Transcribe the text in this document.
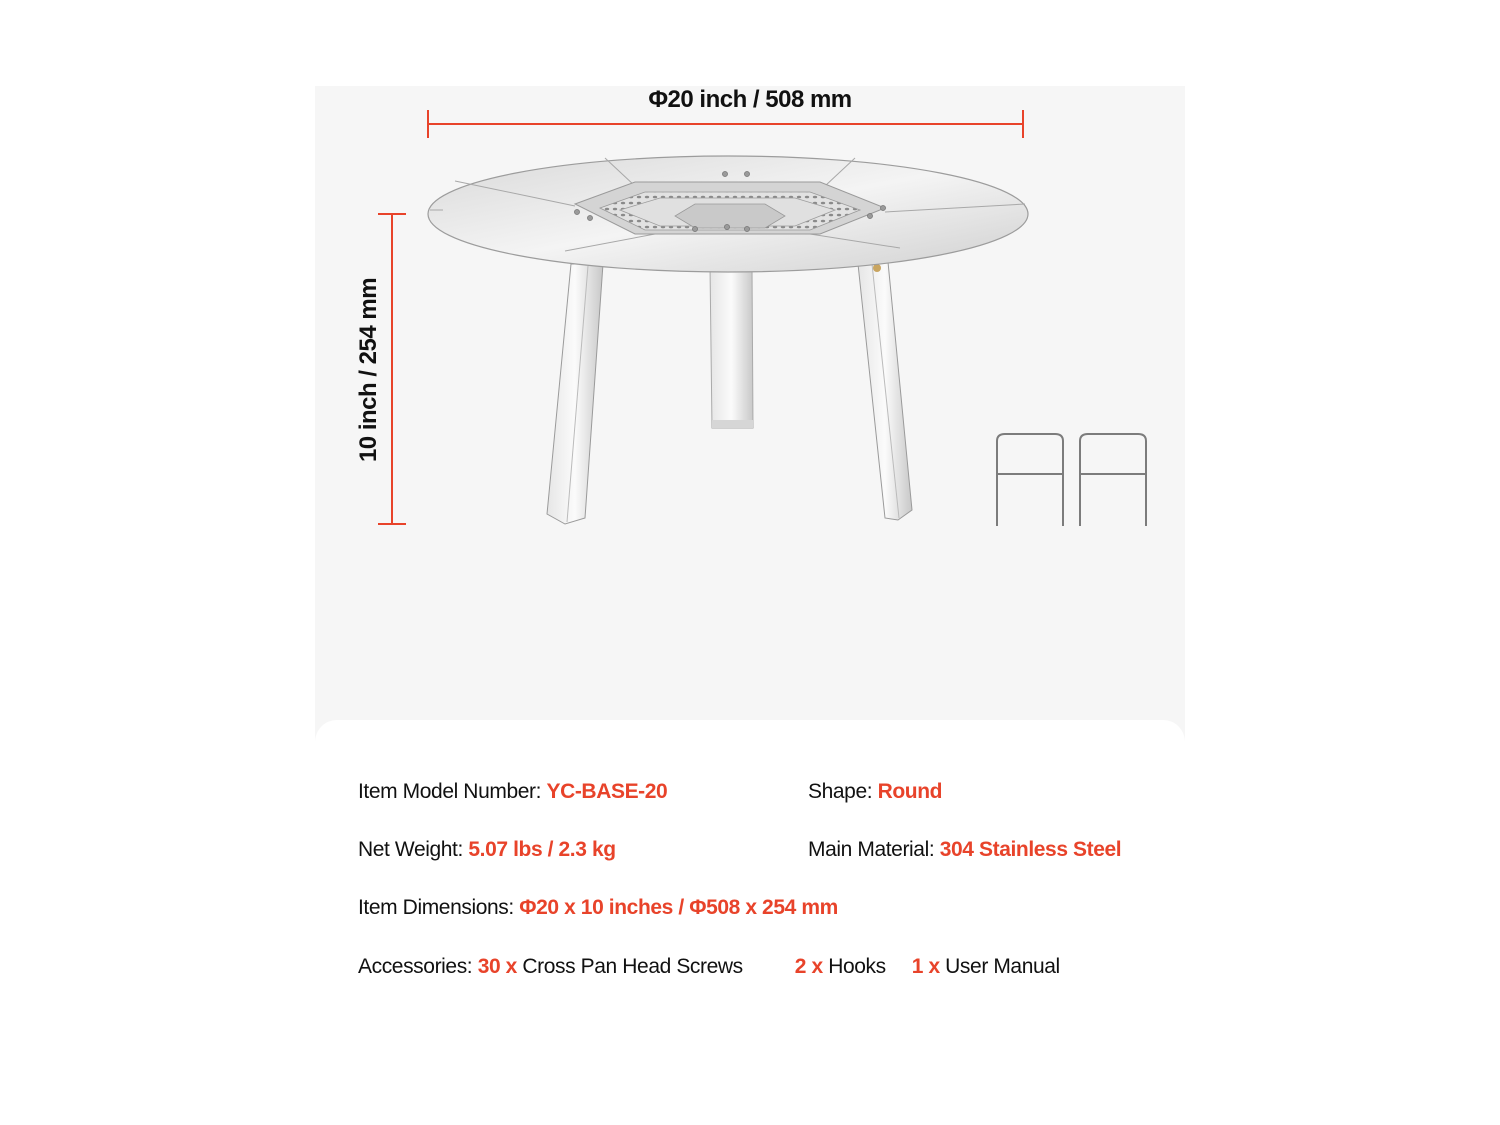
Φ20 inch / 508 mm
10 inch / 254 mm
Item Model Number: YC-BASE-20	Shape: Round
Net Weight: 5.07 lbs / 2.3 kg	Main Material: 304 Stainless Steel
Item Dimensions: Φ20 x 10 inches / Φ508 x 254 mm
Accessories: 30 x Cross Pan Head Screws 2 x Hooks 1 x User Manual
